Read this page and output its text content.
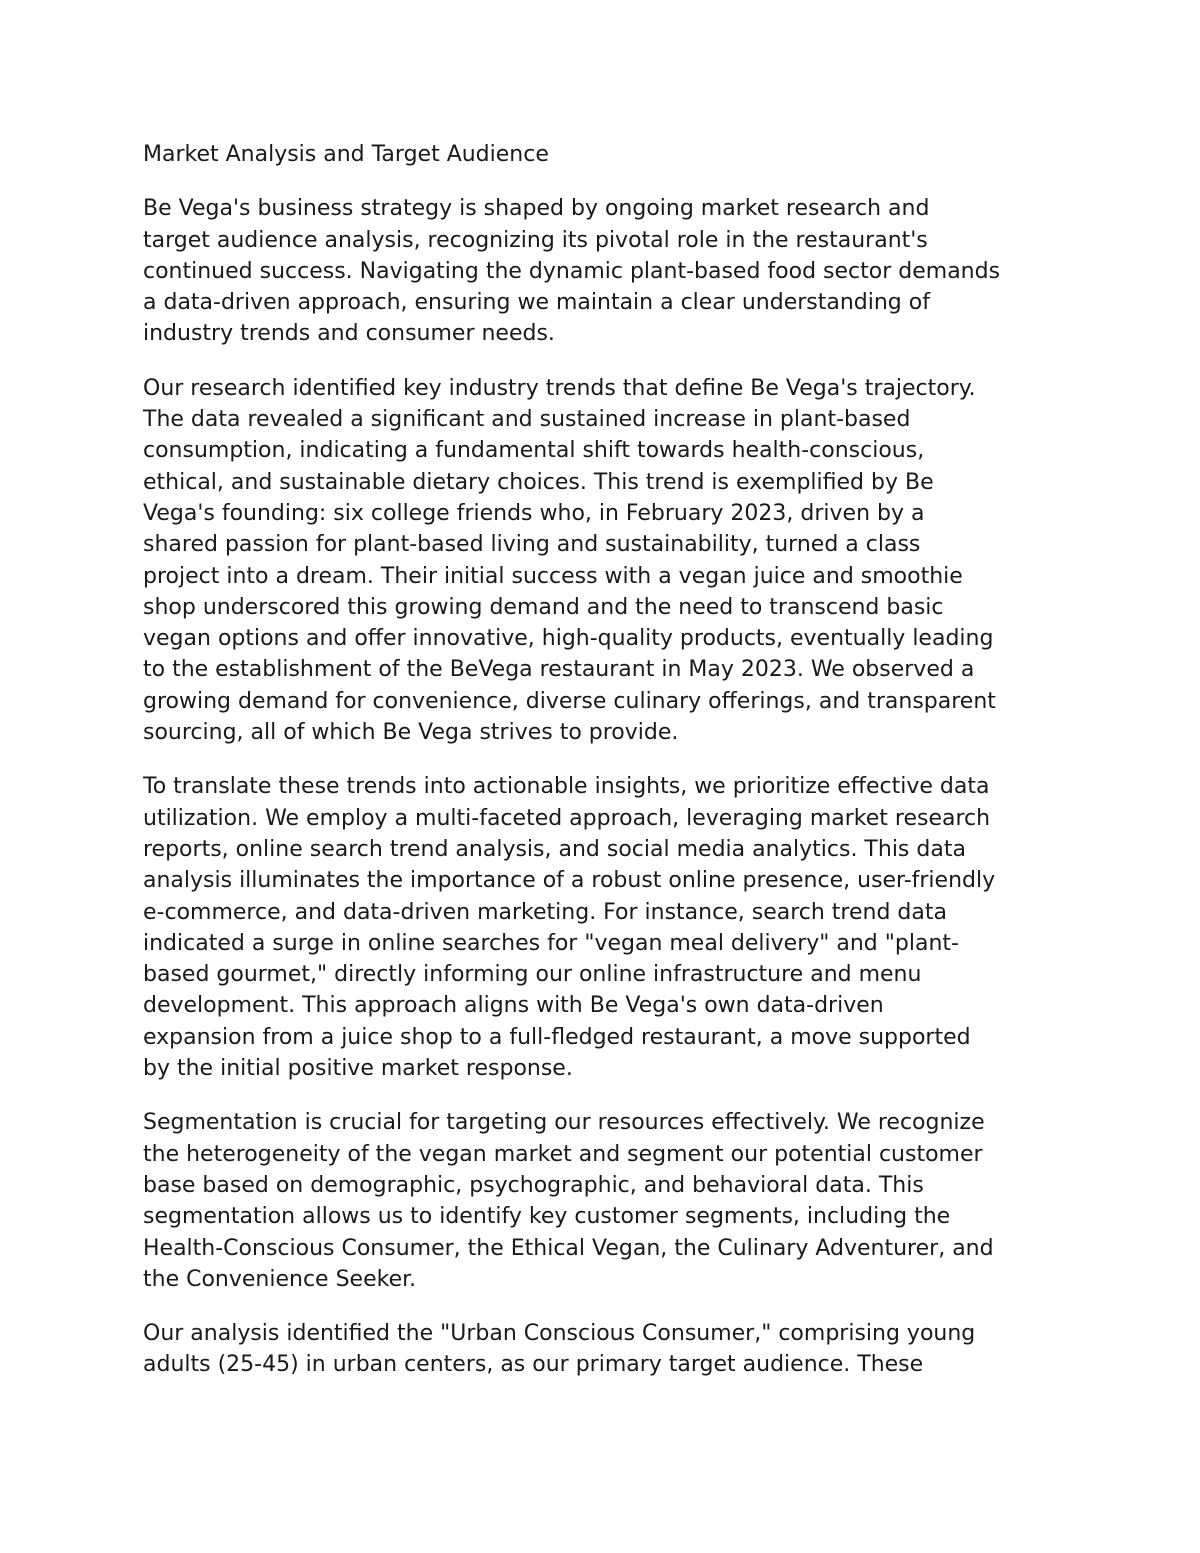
Market Analysis and Target Audience
Be Vega's business strategy is shaped by ongoing market research and
target audience analysis, recognizing its pivotal role in the restaurant's
continued success. Navigating the dynamic plant-based food sector demands
a data-driven approach, ensuring we maintain a clear understanding of
industry trends and consumer needs.
Our research identified key industry trends that define Be Vega's trajectory.
The data revealed a significant and sustained increase in plant-based
consumption, indicating a fundamental shift towards health-conscious,
ethical, and sustainable dietary choices. This trend is exemplified by Be
Vega's founding: six college friends who, in February 2023, driven by a
shared passion for plant-based living and sustainability, turned a class
project into a dream. Their initial success with a vegan juice and smoothie
shop underscored this growing demand and the need to transcend basic
vegan options and offer innovative, high-quality products, eventually leading
to the establishment of the BeVega restaurant in May 2023. We observed a
growing demand for convenience, diverse culinary offerings, and transparent
sourcing, all of which Be Vega strives to provide.
To translate these trends into actionable insights, we prioritize effective data
utilization. We employ a multi-faceted approach, leveraging market research
reports, online search trend analysis, and social media analytics. This data
analysis illuminates the importance of a robust online presence, user-friendly
e-commerce, and data-driven marketing. For instance, search trend data
indicated a surge in online searches for "vegan meal delivery" and "plant-
based gourmet," directly informing our online infrastructure and menu
development. This approach aligns with Be Vega's own data-driven
expansion from a juice shop to a full-fledged restaurant, a move supported
by the initial positive market response.
Segmentation is crucial for targeting our resources effectively. We recognize
the heterogeneity of the vegan market and segment our potential customer
base based on demographic, psychographic, and behavioral data. This
segmentation allows us to identify key customer segments, including the
Health-Conscious Consumer, the Ethical Vegan, the Culinary Adventurer, and
the Convenience Seeker.
Our analysis identified the "Urban Conscious Consumer," comprising young
adults (25-45) in urban centers, as our primary target audience. These
